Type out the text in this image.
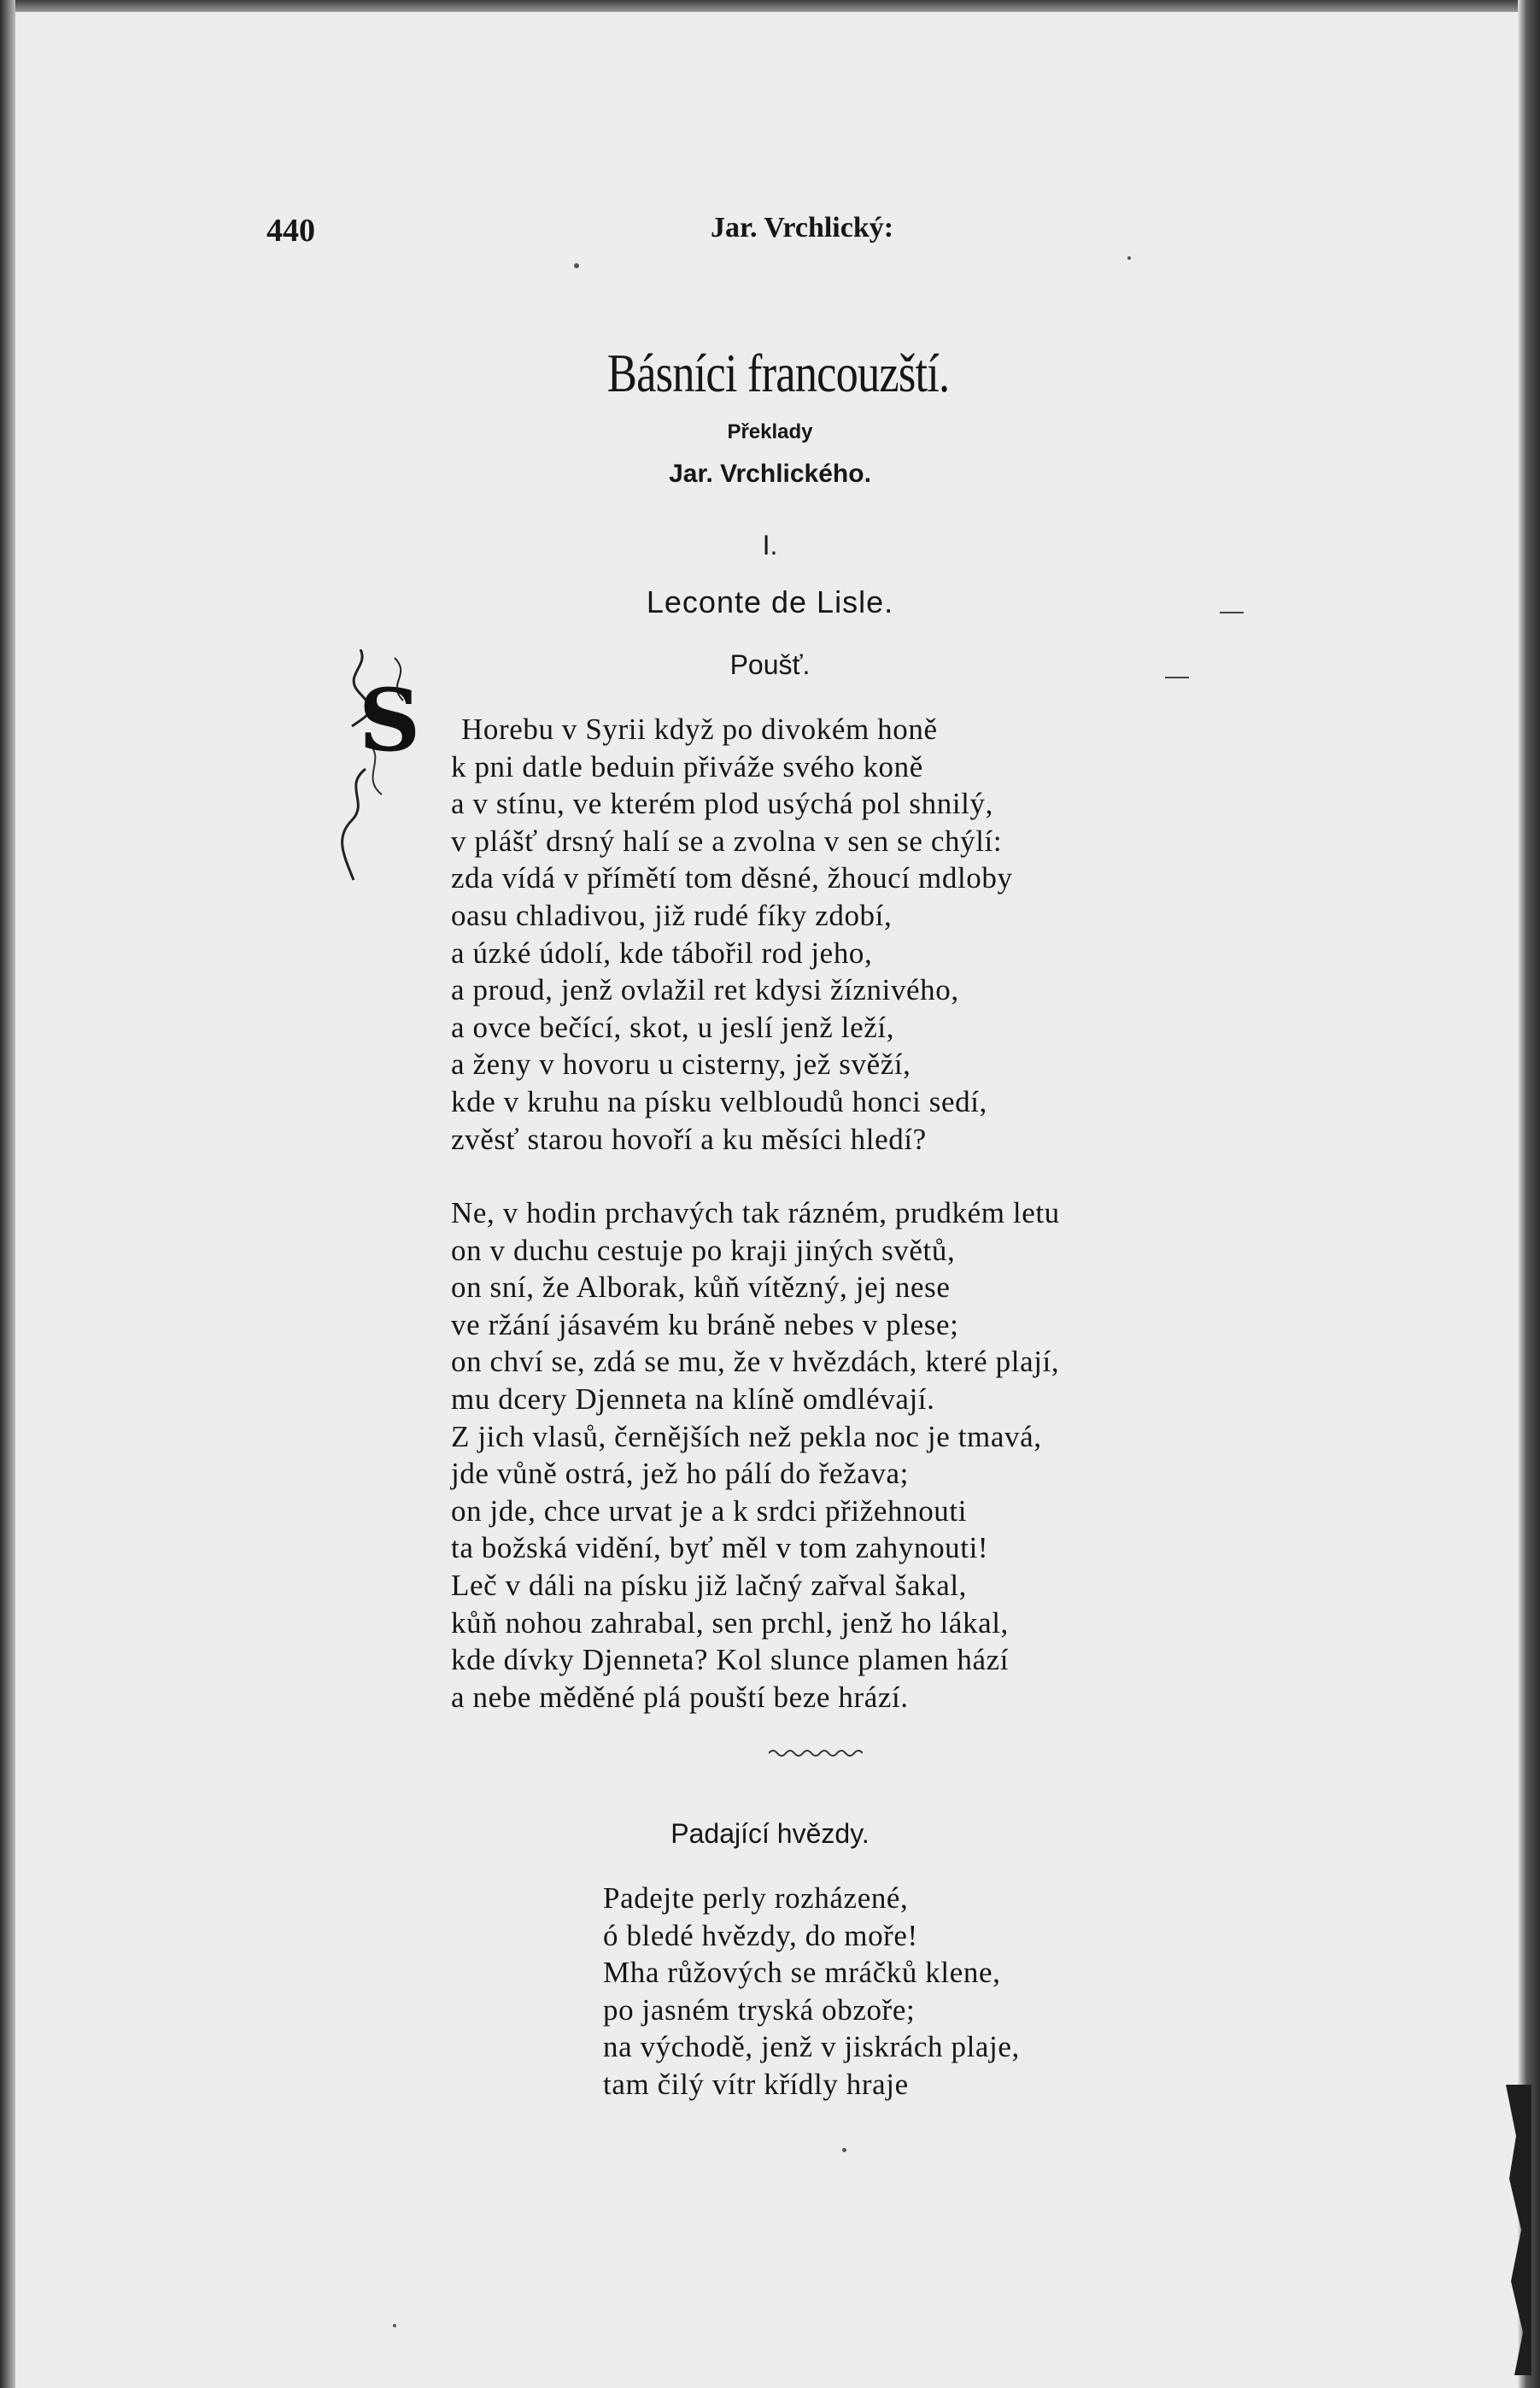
440	Jar. Vrchlický:
Básníci francouzští.
Překlady
Jar. Vrchlického.
I.
Leconte de Lisle.
Poušť.
S	Horebu v Syrii když po divokém honě
k pni datle beduin přiváže svého koně
a v stínu, ve kterém plod usýchá pol shnilý,
v plášť drsný halí se a zvolna v sen se chýlí:
zda vídá v přímětí tom děsné, žhoucí mdloby
oasu chladivou, již rudé fíky zdobí,
a úzké údolí, kde tábořil rod jeho,
a proud, jenž ovlažil ret kdysi žíznivého,
a ovce bečící, skot, u jeslí jenž leží,
a ženy v hovoru u cisterny, jež svěží,
kde v kruhu na písku velbloudů honci sedí,
zvěsť starou hovoří a ku měsíci hledí?
Ne, v hodin prchavých tak rázném, prudkém letu
on v duchu cestuje po kraji jiných světů,
on sní, že Alborak, kůň vítězný, jej nese
ve ržání jásavém ku bráně nebes v plese;
on chví se, zdá se mu, že v hvězdách, které plají,
mu dcery Djenneta na klíně omdlévají.
Z jich vlasů, černějších než pekla noc je tmavá,
jde vůně ostrá, jež ho pálí do řežava;
on jde, chce urvat je a k srdci přižehnouti
ta božská vidění, byť měl v tom zahynouti!
Leč v dáli na písku již lačný zařval šakal,
kůň nohou zahrabal, sen prchl, jenž ho lákal,
kde dívky Djenneta? Kol slunce plamen hází
a nebe měděné plá pouští beze hrází.
Padající hvězdy.
Padejte perly rozházené,
ó bledé hvězdy, do moře!
Mha růžových se mráčků klene,
po jasném tryská obzoře;
na východě, jenž v jiskrách plaje,
tam čilý vítr křídly hraje
